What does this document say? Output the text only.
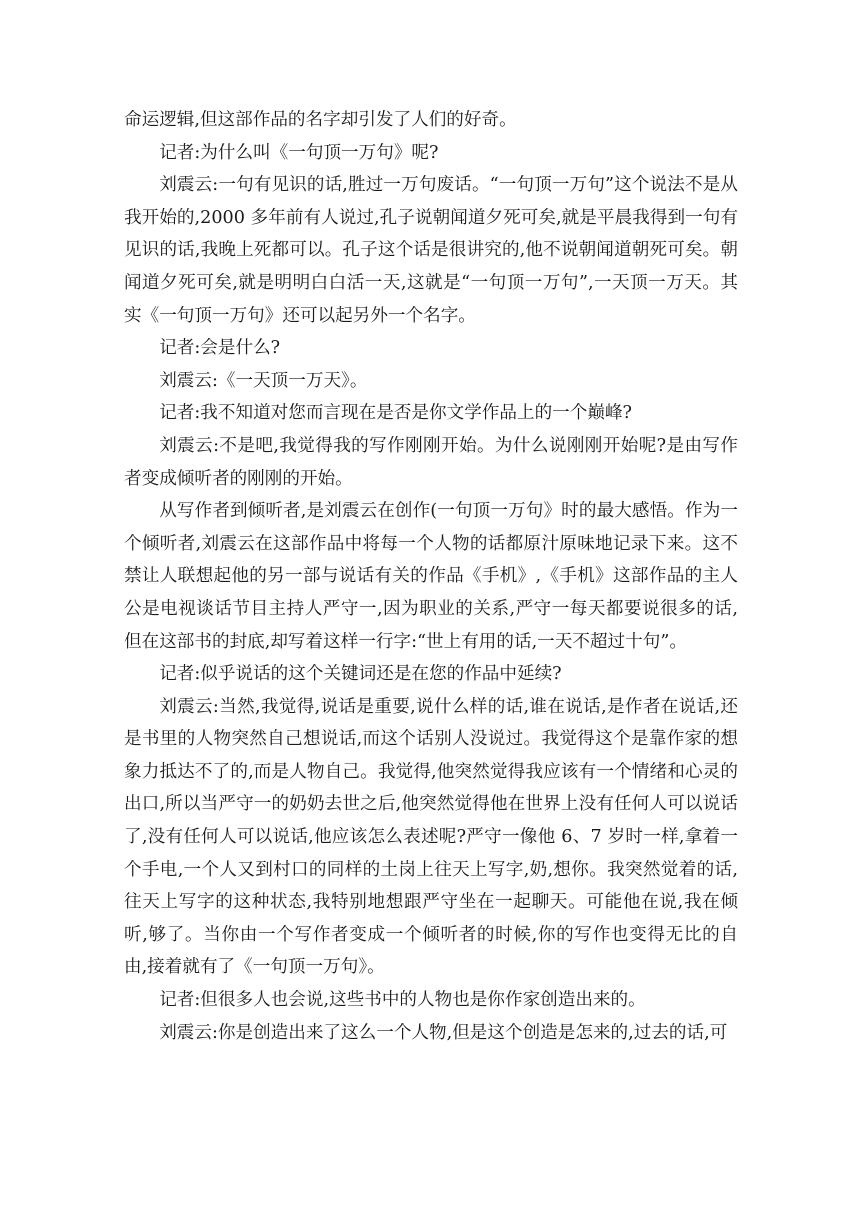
命运逻辑,但这部作品的名字却引发了人们的好奇。

记者:为什么叫《一句顶一万句》呢?

刘震云:一句有见识的话,胜过一万句废话。“一句顶一万句”这个说法不是从我开始的,2000 多年前有人说过,孔子说朝闻道夕死可矣,就是平晨我得到一句有见识的话,我晚上死都可以。孔子这个话是很讲究的,他不说朝闻道朝死可矣。朝闻道夕死可矣,就是明明白白活一天,这就是“一句顶一万句”,一天顶一万天。其实《一句顶一万句》还可以起另外一个名字。

记者:会是什么?

刘震云:《一天顶一万天》。

记者:我不知道对您而言现在是否是你文学作品上的一个巅峰?

刘震云:不是吧,我觉得我的写作刚刚开始。为什么说刚刚开始呢?是由写作者变成倾听者的刚刚的开始。

从写作者到倾听者,是刘震云在创作(一句顶一万句》时的最大感悟。作为一个倾听者,刘震云在这部作品中将每一个人物的话都原汁原味地记录下来。这不禁让人联想起他的另一部与说话有关的作品《手机》,《手机》这部作品的主人公是电视谈话节目主持人严守一,因为职业的关系,严守一每天都要说很多的话,但在这部书的封底,却写着这样一行字:“世上有用的话,一天不超过十句”。

记者:似乎说话的这个关键词还是在您的作品中延续?

刘震云:当然,我觉得,说话是重要,说什么样的话,谁在说话,是作者在说话,还是书里的人物突然自己想说话,而这个话别人没说过。我觉得这个是靠作家的想象力抵达不了的,而是人物自己。我觉得,他突然觉得我应该有一个情绪和心灵的出口,所以当严守一的奶奶去世之后,他突然觉得他在世界上没有任何人可以说话了,没有任何人可以说话,他应该怎么表述呢?严守一像他 6、7 岁时一样,拿着一个手电,一个人又到村口的同样的土岗上往天上写字,奶,想你。我突然觉着的话,往天上写字的这种状态,我特别地想跟严守坐在一起聊天。可能他在说,我在倾听,够了。当你由一个写作者变成一个倾听者的时候,你的写作也变得无比的自由,接着就有了《一句顶一万句》。

记者:但很多人也会说,这些书中的人物也是你作家创造出来的。

刘震云:你是创造出来了这么一个人物,但是这个创造是怎来的,过去的话,可
